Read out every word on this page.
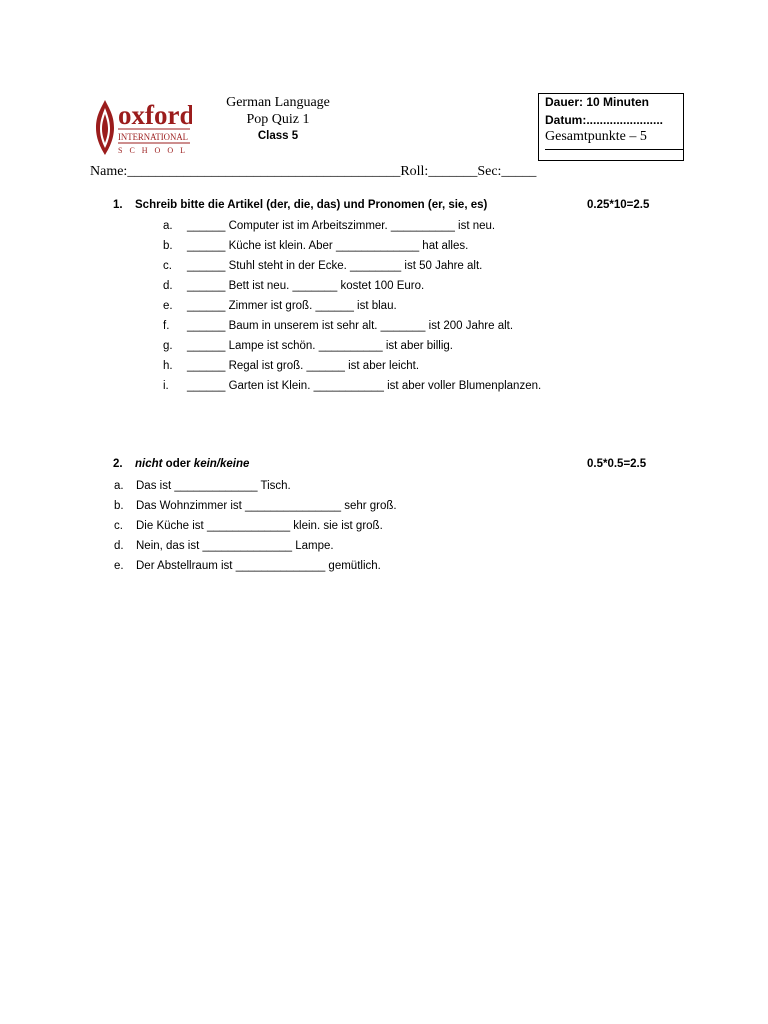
oxford
INTERNATIONAL
SCHOOL
German Language
Pop Quiz 1
Class 5
Dauer: 10 Minuten
Datum:.......................
Gesamtpunkte – 5
Name:_______________________________________Roll:_______Sec:_____
1. Schreib bitte die Artikel (der, die, das) und Pronomen (er, sie, es)	0.25*10=2.5
a.	______ Computer ist im Arbeitszimmer. __________ ist neu.
b.	______ Küche ist klein. Aber _____________ hat alles.
c.	______ Stuhl steht in der Ecke. ________ ist 50 Jahre alt.
d.	______ Bett ist neu. _______ kostet 100 Euro.
e.	______ Zimmer ist groß. ______ ist blau.
f.	______ Baum in unserem ist sehr alt. _______ ist 200 Jahre alt.
g.	______ Lampe ist schön. __________ ist aber billig.
h.	______ Regal ist groß. ______ ist aber leicht.
i.	______ Garten ist Klein. ___________ ist aber voller Blumenplanzen.
2. nicht oder kein/keine	0.5*0.5=2.5
a.	Das ist _____________ Tisch.
b.	Das Wohnzimmer ist _______________ sehr groß.
c.	Die Küche ist _____________ klein. sie ist groß.
d.	Nein, das ist ______________ Lampe.
e.	Der Abstellraum ist ______________ gemütlich.
